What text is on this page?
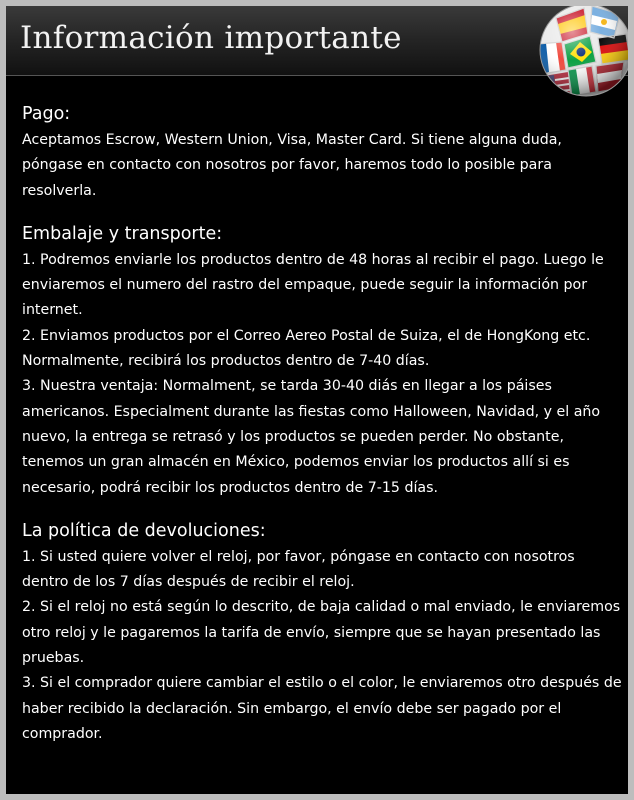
Información importante
Pago:

Aceptamos Escrow, Western Union, Visa, Master Card. Si tiene alguna duda, póngase en contacto con nosotros por favor, haremos todo lo posible para resolverla.

Embalaje y transporte:

1. Podremos enviarle los productos dentro de 48 horas al recibir el pago. Luego le enviaremos el numero del rastro del empaque, puede seguir la información por internet.

2. Enviamos productos por el Correo Aereo Postal de Suiza, el de HongKong etc. Normalmente, recibirá los productos dentro de 7-40 días.

3. Nuestra ventaja: Normalment, se tarda 30-40 diás en llegar a los páises americanos. Especialment durante las fiestas como Halloween, Navidad, y el año nuevo, la entrega se retrasó y los productos se pueden perder. No obstante, tenemos un gran almacén en México, podemos enviar los productos allí si es necesario, podrá recibir los productos dentro de 7-15 días.

La política de devoluciones:

1. Si usted quiere volver el reloj, por favor, póngase en contacto con nosotros dentro de los 7 días después de recibir el reloj.

2. Si el reloj no está según lo descrito, de baja calidad o mal enviado, le enviaremos otro reloj y le pagaremos la tarifa de envío, siempre que se hayan presentado las pruebas.

3. Si el comprador quiere cambiar el estilo o el color, le enviaremos otro después de haber recibido la declaración. Sin embargo, el envío debe ser pagado por el comprador.
